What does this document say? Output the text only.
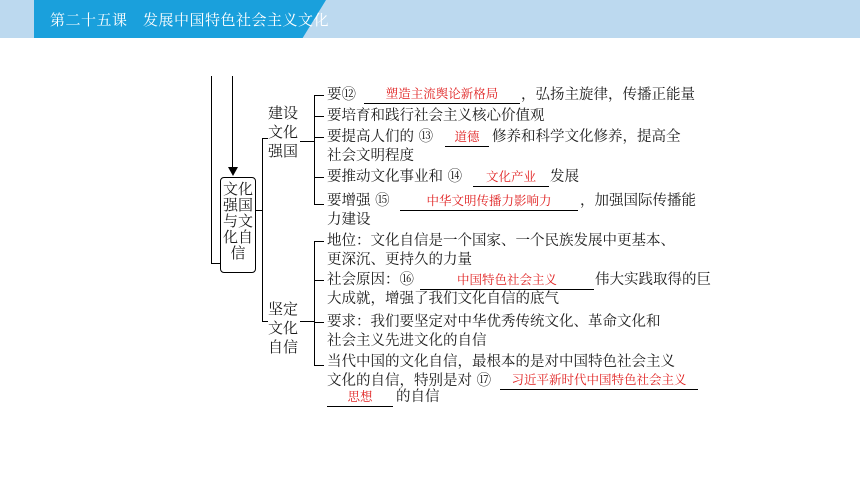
第二十五课　发展中国特色社会主义文化
文化
强国
与文
化自
信
建设
文化
强国
要⑫	塑造主流舆论新格局	，弘扬主旋律，传播正能量
要培育和践行社会主义核心价值观
要提高人们的 ⑬	道德 修养和科学文化修养，提高全
社会文明程度
要推动文化事业和 ⑭	文化产业 发展
要增强 ⑮	中华文明传播力影响力	，加强国际传播能
力建设
坚定
文化
自信
地位：文化自信是一个国家、一个民族发展中更基本、
更深沉、更持久的力量
社会原因：⑯	中国特色社会主义	伟大实践取得的巨
大成就，增强了我们文化自信的底气
要求：我们要坚定对中华优秀传统文化、革命文化和
社会主义先进文化的自信
当代中国的文化自信，最根本的是对中国特色社会主义
文化的自信，特别是对 ⑰	习近平新时代中国特色社会主义
思想	的自信
